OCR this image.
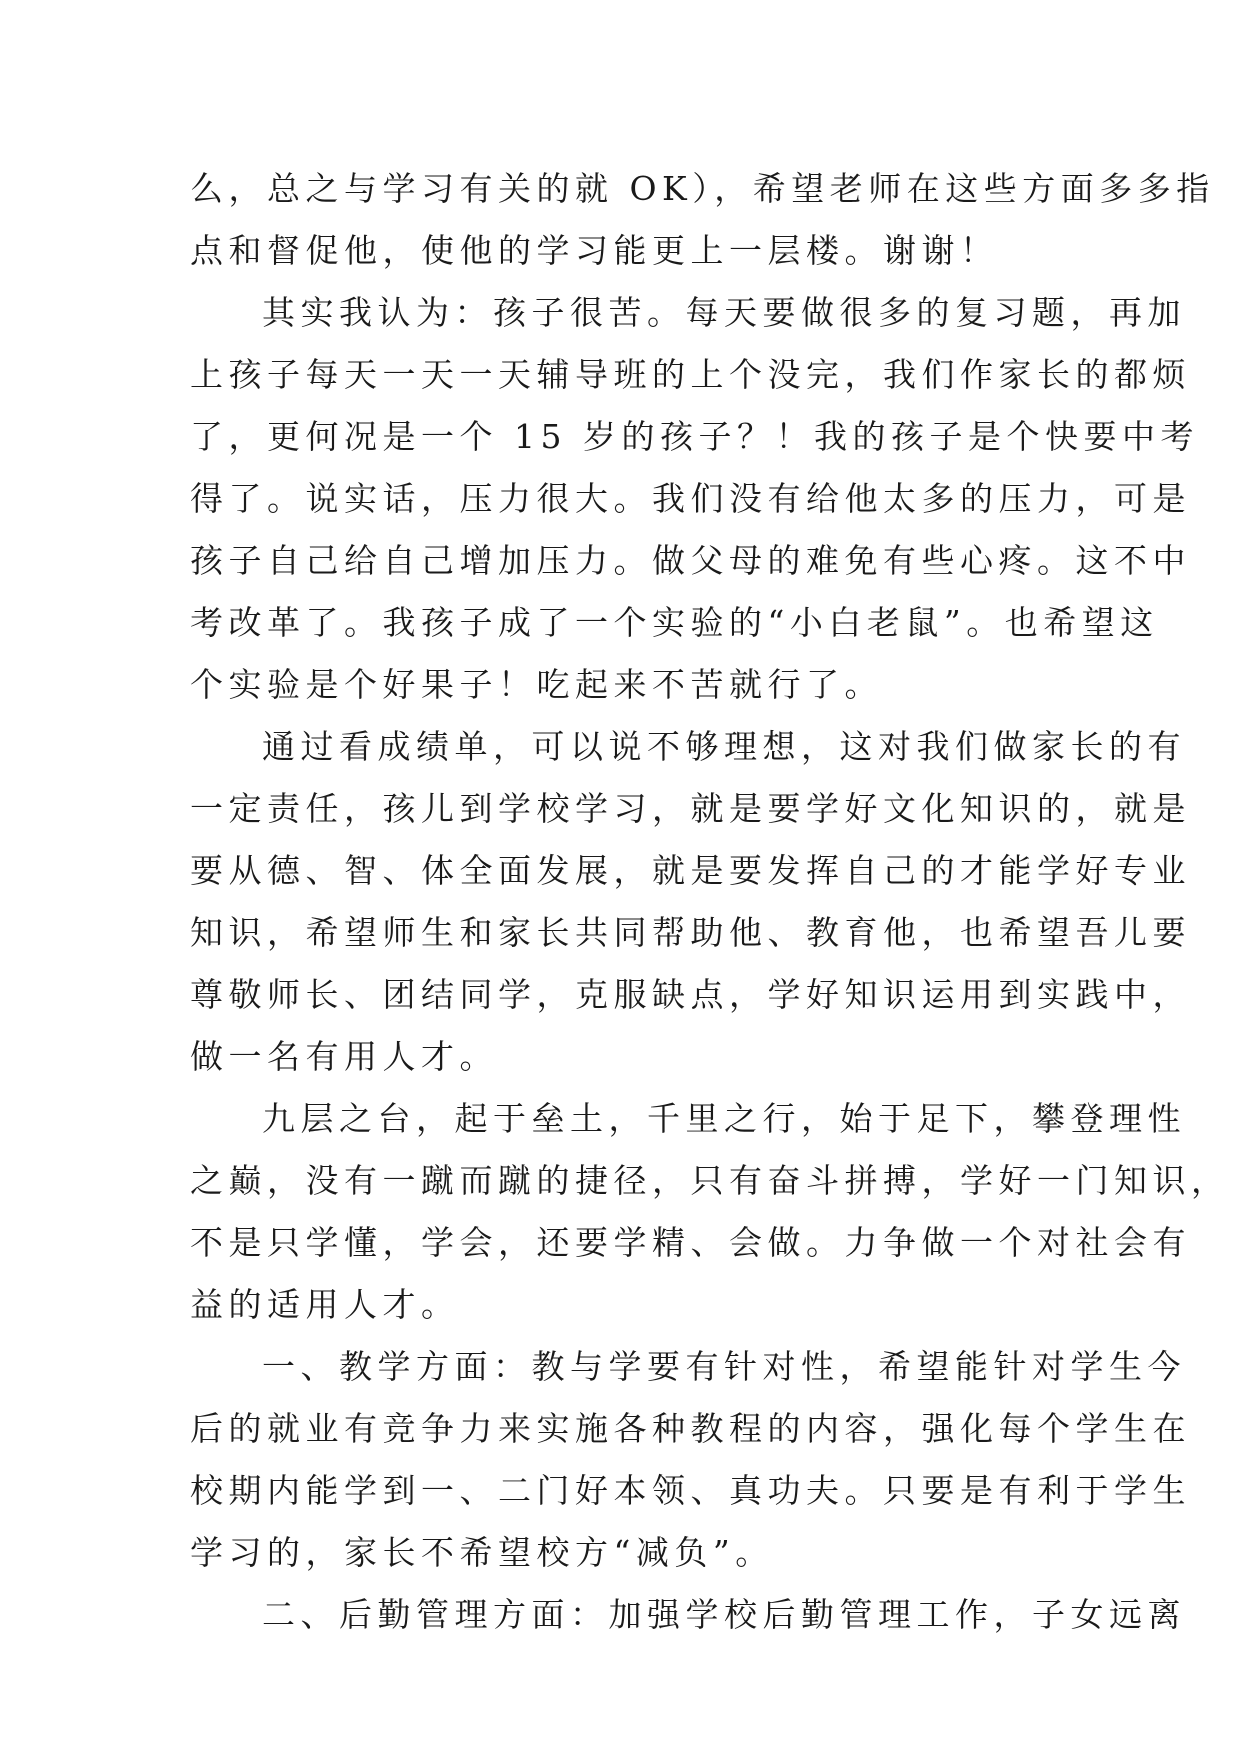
么，总之与学习有关的就 OK），希望老师在这些方面多多指
点和督促他，使他的学习能更上一层楼。谢谢！
其实我认为：孩子很苦。每天要做很多的复习题，再加
上孩子每天一天一天辅导班的上个没完，我们作家长的都烦
了，更何况是一个 15 岁的孩子？！我的孩子是个快要中考
得了。说实话，压力很大。我们没有给他太多的压力，可是
孩子自己给自己增加压力。做父母的难免有些心疼。这不中
考改革了。我孩子成了一个实验的“小白老鼠”。也希望这
个实验是个好果子！吃起来不苦就行了。
通过看成绩单，可以说不够理想，这对我们做家长的有
一定责任，孩儿到学校学习，就是要学好文化知识的，就是
要从德、智、体全面发展，就是要发挥自己的才能学好专业
知识，希望师生和家长共同帮助他、教育他，也希望吾儿要
尊敬师长、团结同学，克服缺点，学好知识运用到实践中，
做一名有用人才。
九层之台，起于垒土，千里之行，始于足下，攀登理性
之巅，没有一蹴而蹴的捷径，只有奋斗拼搏，学好一门知识，
不是只学懂，学会，还要学精、会做。力争做一个对社会有
益的适用人才。
一、教学方面：教与学要有针对性，希望能针对学生今
后的就业有竞争力来实施各种教程的内容，强化每个学生在
校期内能学到一、二门好本领、真功夫。只要是有利于学生
学习的，家长不希望校方“减负”。
二、后勤管理方面：加强学校后勤管理工作，子女远离
